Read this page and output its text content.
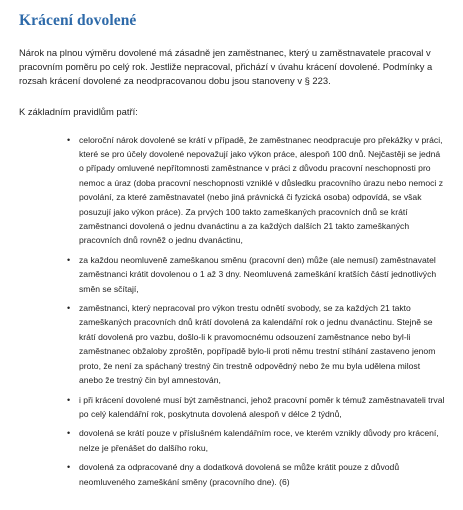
Krácení dovolené

Nárok na plnou výměru dovolené má zásadně jen zaměstnanec, který u zaměstnavatele pracoval v pracovním poměru po celý rok. Jestliže nepracoval, přichází v úvahu krácení dovolené. Podmínky a rozsah krácení dovolené za neodpracovanou dobu jsou stanoveny v § 223.

K základním pravidlům patří:

• celoroční nárok dovolené se krátí v případě, že zaměstnanec neodpracuje pro překážky v práci, které se pro účely dovolené nepovažují jako výkon práce, alespoň 100 dnů. Nejčastěji se jedná o případy omluvené nepřítomnosti zaměstnance v práci z důvodu pracovní neschopnosti pro nemoc a úraz (doba pracovní neschopnosti vzniklé v důsledku pracovního úrazu nebo nemoci z povolání, za které zaměstnavatel (nebo jiná právnická či fyzická osoba) odpovídá, se však posuzují jako výkon práce). Za prvých 100 takto zameškaných pracovních dnů se krátí zaměstnanci dovolená o jednu dvanáctinu a za každých dalších 21 takto zameškaných pracovních dnů rovněž o jednu dvanáctinu,
• za každou neomluveně zameškanou směnu (pracovní den) může (ale nemusí) zaměstnavatel zaměstnanci krátit dovolenou o 1 až 3 dny. Neomluvená zameškání kratších částí jednotlivých směn se sčítají,
• zaměstnanci, který nepracoval pro výkon trestu odnětí svobody, se za každých 21 takto zameškaných pracovních dnů krátí dovolená za kalendářní rok o jednu dvanáctinu. Stejně se krátí dovolená pro vazbu, došlo-li k pravomocnému odsouzení zaměstnance nebo byl-li zaměstnanec obžaloby zproštěn, popřípadě bylo-li proti němu trestní stíhání zastaveno jenom proto, že není za spáchaný trestný čin trestně odpovědný nebo že mu byla udělena milost anebo že trestný čin byl amnestován,
• i při krácení dovolené musí být zaměstnanci, jehož pracovní poměr k témuž zaměstnavateli trval po celý kalendářní rok, poskytnuta dovolená alespoň v délce 2 týdnů,
• dovolená se krátí pouze v příslušném kalendářním roce, ve kterém vznikly důvody pro krácení, nelze je přenášet do dalšího roku,
• dovolená za odpracované dny a dodatková dovolená se může krátit pouze z důvodů neomluveného zameškání směny (pracovního dne). (6)
